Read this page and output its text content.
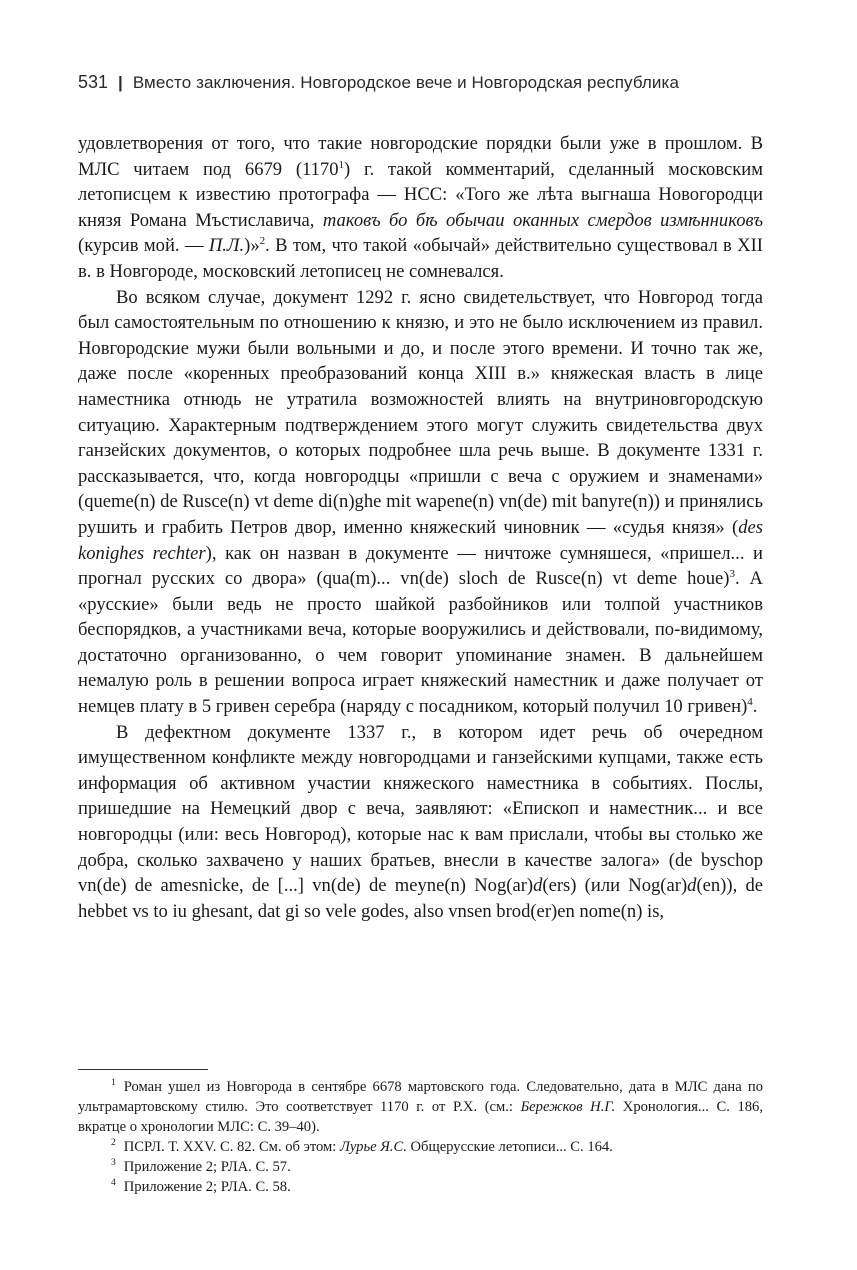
531 | Вместо заключения. Новгородское вече и Новгородская республика

удовлетворения от того, что такие новгородские порядки были уже в прошлом. В МЛС читаем под 6679 (1170$^1$) г. такой комментарий, сделанный московским летописцем к известию протографа — НСС: «Того же лѣта выгнаша Новогородци князя Романа Мъстиславича, таковъ бо бѣ обычаи оканных смердов измѣнниковъ (курсив мой. — П.Л.)»$^2$. В том, что такой «обычай» действительно существовал в XII в. в Новгороде, московский летописец не сомневался.

Во всяком случае, документ 1292 г. ясно свидетельствует, что Новгород тогда был самостоятельным по отношению к князю, и это не было исключением из правил. Новгородские мужи были вольными и до, и после этого времени. И точно так же, даже после «коренных преобразований конца XIII в.» княжеская власть в лице наместника отнюдь не утратила возможностей влиять на внутриновгородскую ситуацию. Характерным подтверждением этого могут служить свидетельства двух ганзейских документов, о которых подробнее шла речь выше. В документе 1331 г. рассказывается, что, когда новгородцы «пришли с веча с оружием и знаменами» (queme(n) de Rusce(n) vt deme di(n)ghe mit wapene(n) vn(de) mit banyre(n)) и принялись рушить и грабить Петров двор, именно княжеский чиновник — «судья князя» (des konighes rechter), как он назван в документе — ничтоже сумняшеся, «пришел... и прогнал русских со двора» (qua(m)... vn(de) sloch de Rusce(n) vt deme houe)$^3$. А «русские» были ведь не просто шайкой разбойников или толпой участников беспорядков, а участниками веча, которые вооружились и действовали, по-видимому, достаточно организованно, о чем говорит упоминание знамен. В дальнейшем немалую роль в решении вопроса играет княжеский наместник и даже получает от немцев плату в 5 гривен серебра (наряду с посадником, который получил 10 гривен)$^4$.

В дефектном документе 1337 г., в котором идет речь об очередном имущественном конфликте между новгородцами и ганзейскими купцами, также есть информация об активном участии княжеского наместника в событиях. Послы, пришедшие на Немецкий двор с веча, заявляют: «Епископ и наместник... и все новгородцы (или: весь Новгород), которые нас к вам прислали, чтобы вы столько же добра, сколько захвачено у наших братьев, внесли в качестве залога» (de byschop vn(de) de amesnicke, de [...] vn(de) de meyne(n) Nog(ar)d(ers) (или Nog(ar)d(en)), de hebbet vs to iu ghesant, dat gi so vele godes, also vnsen brod(er)en nome(n) is,

$^1$ Роман ушел из Новгорода в сентябре 6678 мартовского года. Следовательно, дата в МЛС дана по ультрамартовскому стилю. Это соответствует 1170 г. от Р.Х. (см.: Бережков Н.Г. Хронология... С. 186, вкратце о хронологии МЛС: С. 39–40).

$^2$ ПСРЛ. Т. XXV. С. 82. См. об этом: Лурье Я.С. Общерусские летописи... С. 164.

$^3$ Приложение 2; РЛА. С. 57.

$^4$ Приложение 2; РЛА. С. 58.
